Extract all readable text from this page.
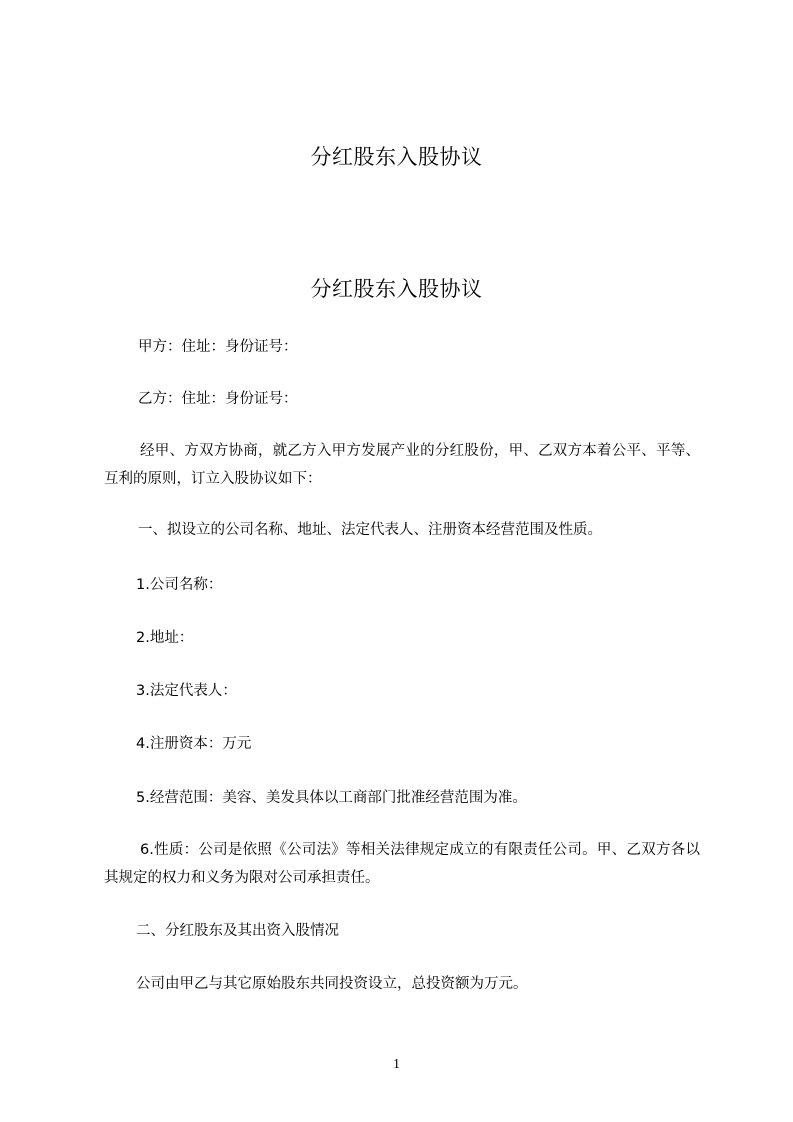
分红股东入股协议
分红股东入股协议
甲方：住址：身份证号：
乙方：住址：身份证号：
经甲、方双方协商，就乙方入甲方发展产业的分红股份，甲、乙双方本着公平、平等、互利的原则，订立入股协议如下：
一、拟设立的公司名称、地址、法定代表人、注册资本经营范围及性质。
1.公司名称：
2.地址：
3.法定代表人：
4.注册资本：万元
5.经营范围：美容、美发具体以工商部门批准经营范围为准。
6.性质：公司是依照《公司法》等相关法律规定成立的有限责任公司。甲、乙双方各以其规定的权力和义务为限对公司承担责任。
二、分红股东及其出资入股情况
公司由甲乙与其它原始股东共同投资设立，总投资额为万元。
1
